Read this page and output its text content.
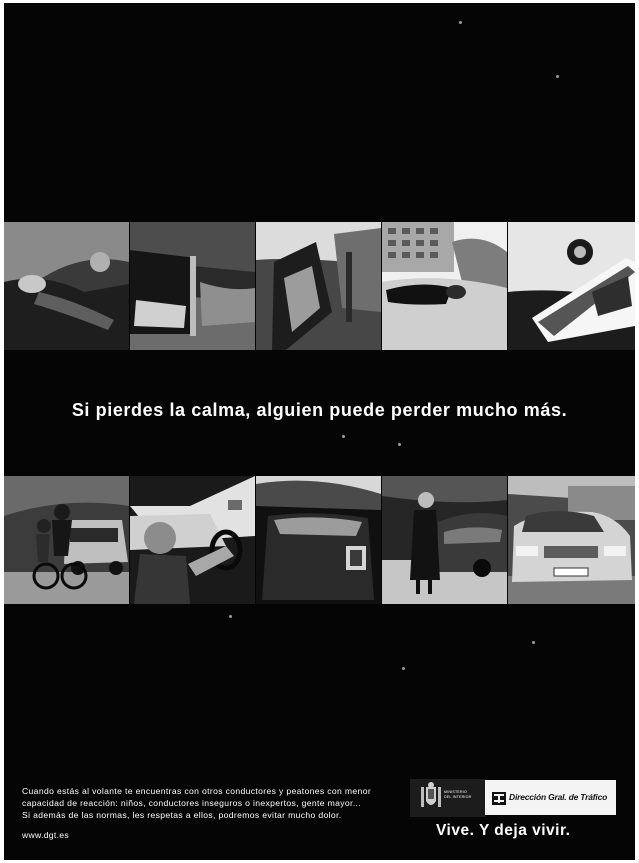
Si pierdes la calma, alguien puede perder mucho más.

Cuando estás al volante te encuentras con otros conductores y peatones con menor

capacidad de reacción: niños, conductores inseguros o inexpertos, gente mayor...

Si además de las normas, les respetas a ellos, podremos evitar mucho dolor.

www.dgt.es
MINISTERIO
DEL INTERIOR	Dirección Gral. de Tráfico
Vive. Y deja vivir.
